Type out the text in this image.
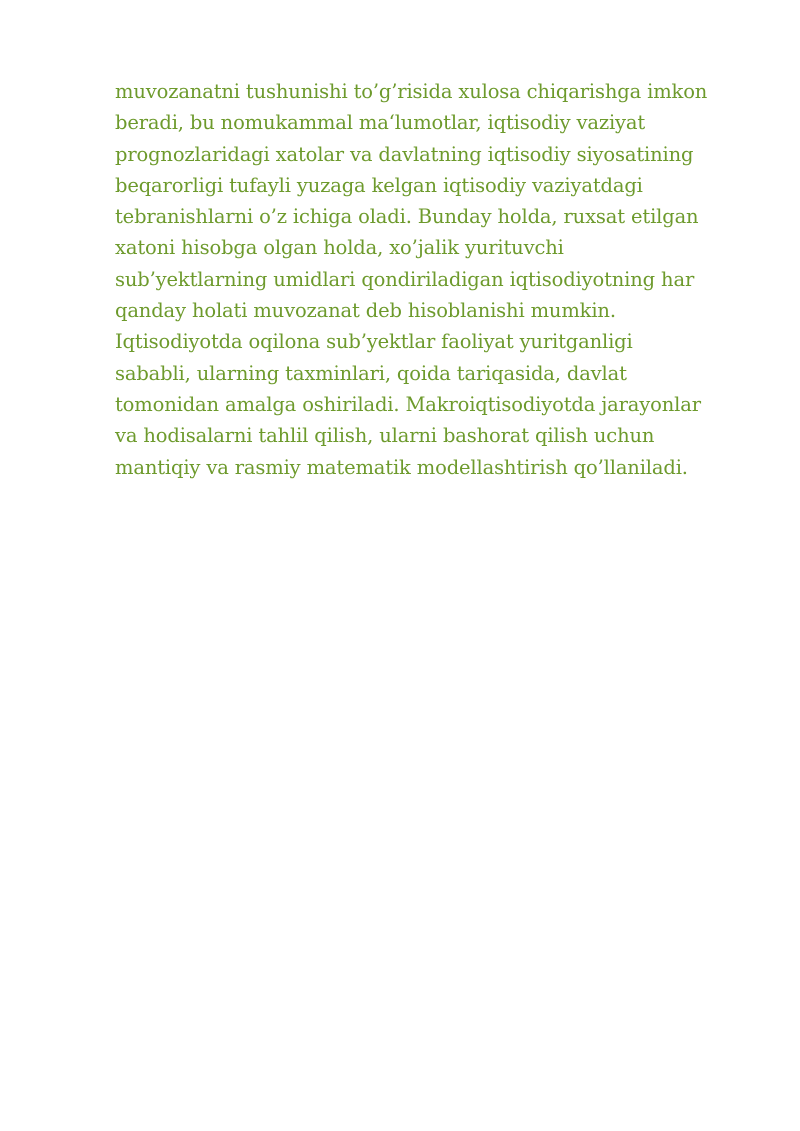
muvozanatni tushunishi to’g’risida xulosa chiqarishga imkon
beradi, bu nomukammal ma‘lumotlar, iqtisodiy vaziyat
prognozlaridagi xatolar va davlatning iqtisodiy siyosatining
beqarorligi tufayli yuzaga kelgan iqtisodiy vaziyatdagi
tebranishlarni o’z ichiga oladi. Bunday holda, ruxsat etilgan
xatoni hisobga olgan holda, xo’jalik yurituvchi
sub’yektlarning umidlari qondiriladigan iqtisodiyotning har
qanday holati muvozanat deb hisoblanishi mumkin.
Iqtisodiyotda oqilona sub’yektlar faoliyat yuritganligi
sababli, ularning taxminlari, qoida tariqasida, davlat
tomonidan amalga oshiriladi. Makroiqtisodiyotda jarayonlar
va hodisalarni tahlil qilish, ularni bashorat qilish uchun
mantiqiy va rasmiy matematik modellashtirish qo’llaniladi.
